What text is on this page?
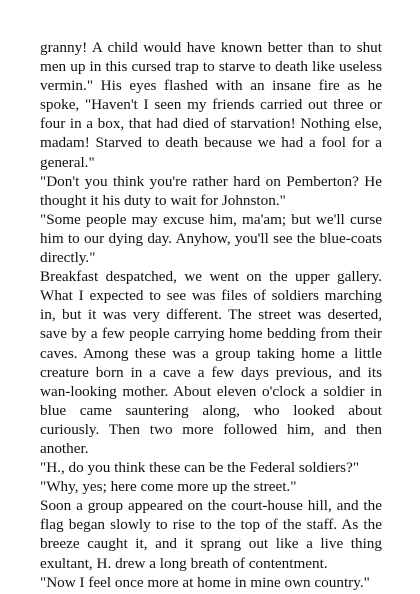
granny! A child would have known better than to shut men up in this cursed trap to starve to death like useless vermin." His eyes flashed with an insane fire as he spoke, "Haven't I seen my friends carried out three or four in a box, that had died of starvation! Nothing else, madam! Starved to death because we had a fool for a general."

"Don't you think you're rather hard on Pemberton? He thought it his duty to wait for Johnston."

"Some people may excuse him, ma'am; but we'll curse him to our dying day. Anyhow, you'll see the blue-coats directly."

Breakfast despatched, we went on the upper gallery. What I expected to see was files of soldiers marching in, but it was very different. The street was deserted, save by a few people carrying home bedding from their caves. Among these was a group taking home a little creature born in a cave a few days previous, and its wan-looking mother. About eleven o'clock a soldier in blue came sauntering along, who looked about curiously. Then two more followed him, and then another.

"H., do you think these can be the Federal soldiers?"

"Why, yes; here come more up the street."

Soon a group appeared on the court-house hill, and the flag began slowly to rise to the top of the staff. As the breeze caught it, and it sprang out like a live thing exultant, H. drew a long breath of contentment.

"Now I feel once more at home in mine own country."
